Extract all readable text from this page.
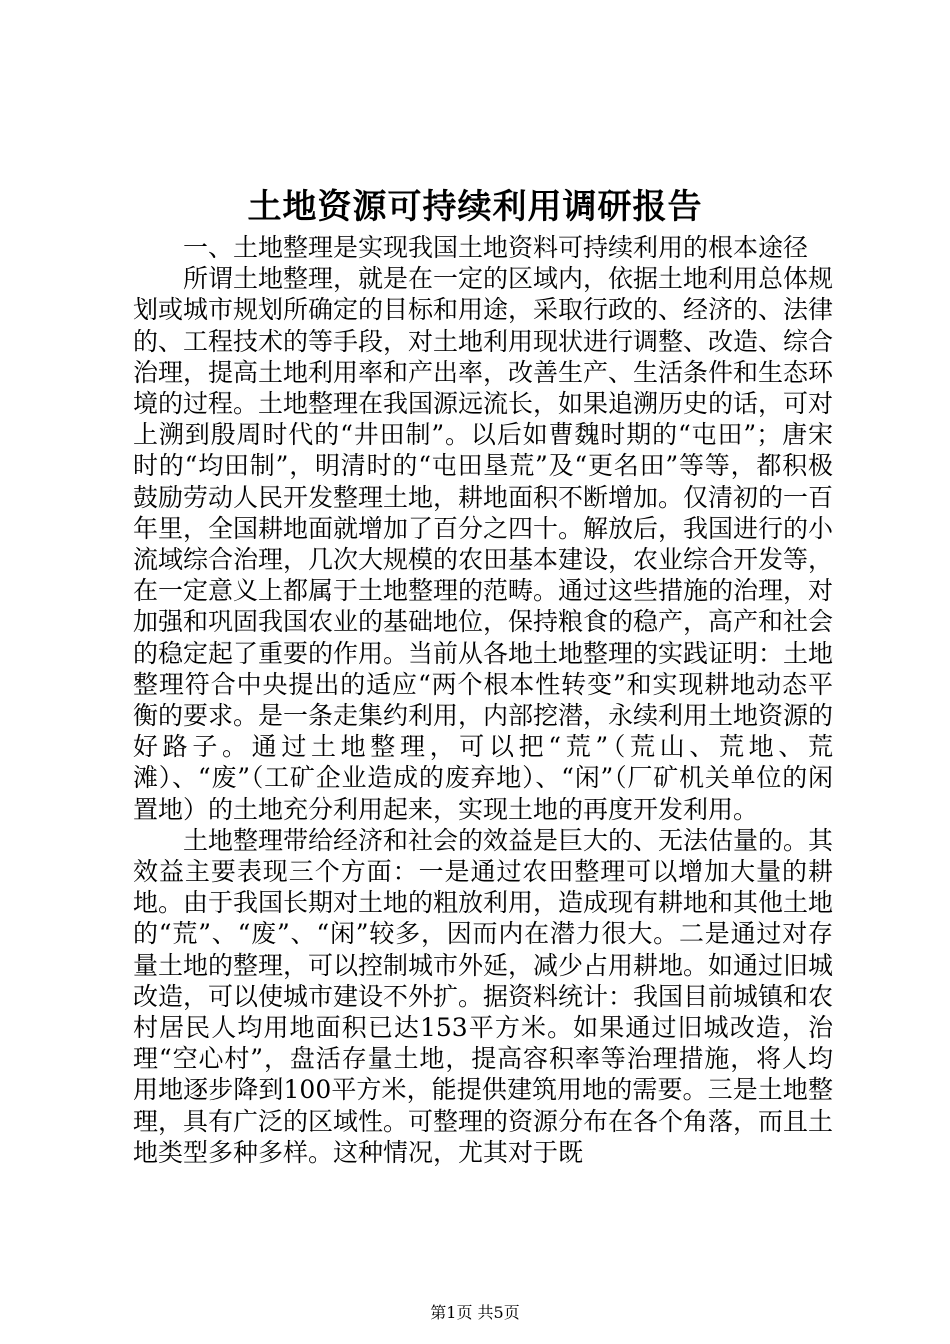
土地资源可持续利用调研报告

一、土地整理是实现我国土地资料可持续利用的根本途径

所谓土地整理，就是在一定的区域内，依据土地利用总体规划或城市规划所确定的目标和用途，采取行政的、经济的、法律的、工程技术的等手段，对土地利用现状进行调整、改造、综合治理，提高土地利用率和产出率，改善生产、生活条件和生态环境的过程。土地整理在我国源远流长，如果追溯历史的话，可对上溯到殷周时代的“井田制”。以后如曹魏时期的“屯田”；唐宋时的“均田制”，明清时的“屯田垦荒”及“更名田”等等，都积极鼓励劳动人民开发整理土地，耕地面积不断增加。仅清初的一百年里，全国耕地面就增加了百分之四十。解放后，我国进行的小流域综合治理，几次大规模的农田基本建设，农业综合开发等，在一定意义上都属于土地整理的范畴。通过这些措施的治理，对加强和巩固我国农业的基础地位，保持粮食的稳产，高产和社会的稳定起了重要的作用。当前从各地土地整理的实践证明：土地整理符合中央提出的适应“两个根本性转变”和实现耕地动态平衡的要求。是一条走集约利用，内部挖潜，永续利用土地资源的好路子。通过土地整理，可以把“荒”（荒山、荒地、荒滩）、“废”（工矿企业造成的废弃地）、“闲”（厂矿机关单位的闲置地）的土地充分利用起来，实现土地的再度开发利用。

土地整理带给经济和社会的效益是巨大的、无法估量的。其效益主要表现三个方面：一是通过农田整理可以增加大量的耕地。由于我国长期对土地的粗放利用，造成现有耕地和其他土地的“荒”、“废”、“闲”较多，因而内在潜力很大。二是通过对存量土地的整理，可以控制城市外延，减少占用耕地。如通过旧城改造，可以使城市建设不外扩。据资料统计：我国目前城镇和农村居民人均用地面积已达153平方米。如果通过旧城改造，治理“空心村”，盘活存量土地，提高容积率等治理措施，将人均用地逐步降到100平方米，能提供建筑用地的需要。三是土地整理，具有广泛的区域性。可整理的资源分布在各个角落，而且土地类型多种多样。这种情况，尤其对于既

第1页 共5页
